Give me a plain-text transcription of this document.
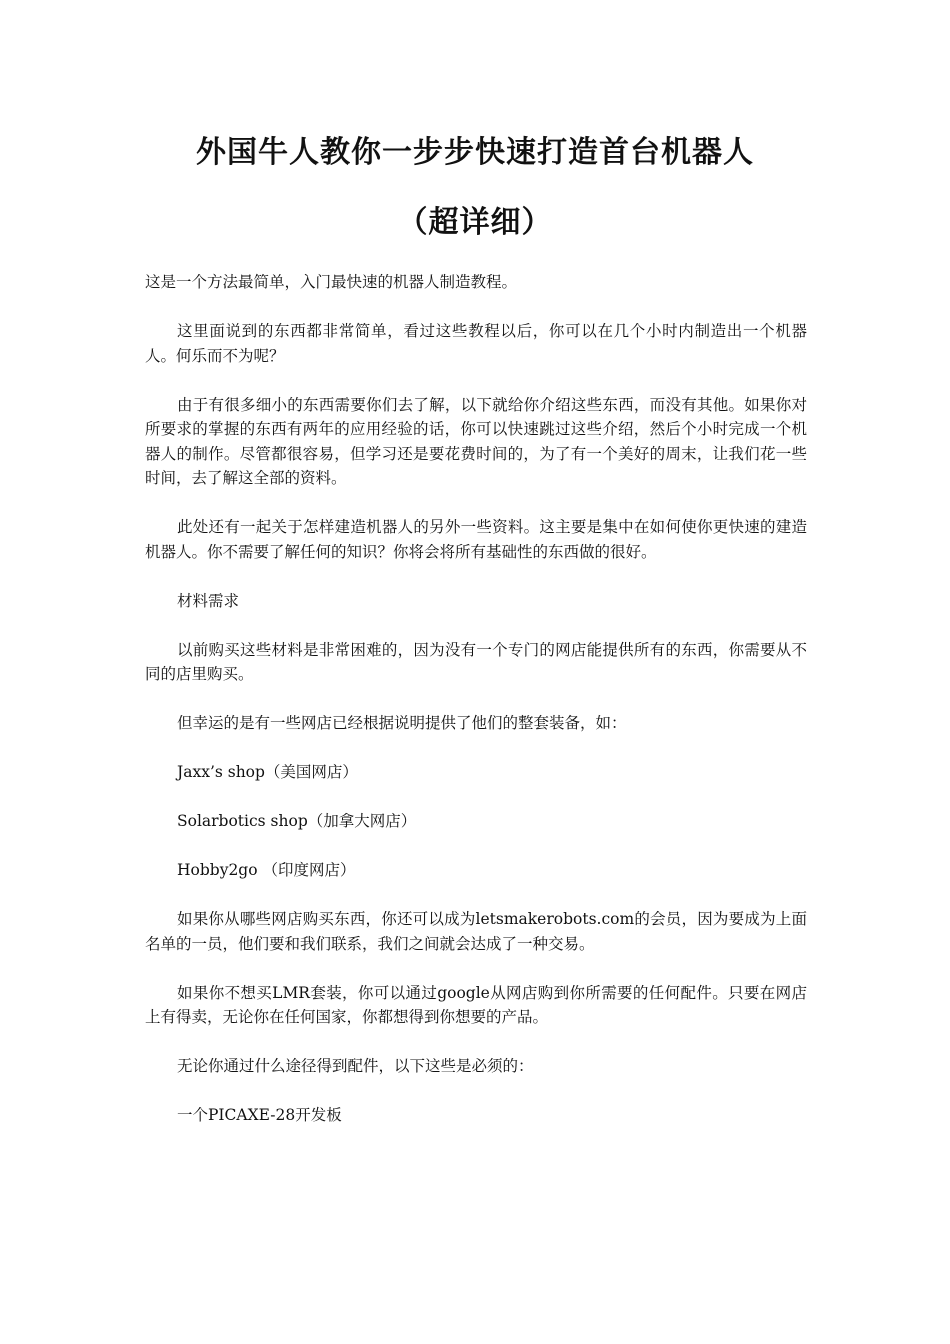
外国牛人教你一步步快速打造首台机器人
（超详细）

这是一个方法最简单，入门最快速的机器人制造教程。

这里面说到的东西都非常简单，看过这些教程以后，你可以在几个小时内制造出一个机器人。何乐而不为呢？

由于有很多细小的东西需要你们去了解，以下就给你介绍这些东西，而没有其他。如果你对所要求的掌握的东西有两年的应用经验的话，你可以快速跳过这些介绍，然后个小时完成一个机器人的制作。尽管都很容易，但学习还是要花费时间的，为了有一个美好的周末，让我们花一些时间，去了解这全部的资料。

此处还有一起关于怎样建造机器人的另外一些资料。这主要是集中在如何使你更快速的建造机器人。你不需要了解任何的知识？你将会将所有基础性的东西做的很好。

材料需求

以前购买这些材料是非常困难的，因为没有一个专门的网店能提供所有的东西，你需要从不同的店里购买。

但幸运的是有一些网店已经根据说明提供了他们的整套装备，如：

Jaxx’s shop（美国网店）

Solarbotics shop（加拿大网店）

Hobby2go （印度网店）

如果你从哪些网店购买东西，你还可以成为letsmakerobots.com的会员，因为要成为上面名单的一员，他们要和我们联系，我们之间就会达成了一种交易。

如果你不想买LMR套装，你可以通过google从网店购到你所需要的任何配件。只要在网店上有得卖，无论你在任何国家，你都想得到你想要的产品。

无论你通过什么途径得到配件，以下这些是必须的：

一个PICAXE-28开发板
